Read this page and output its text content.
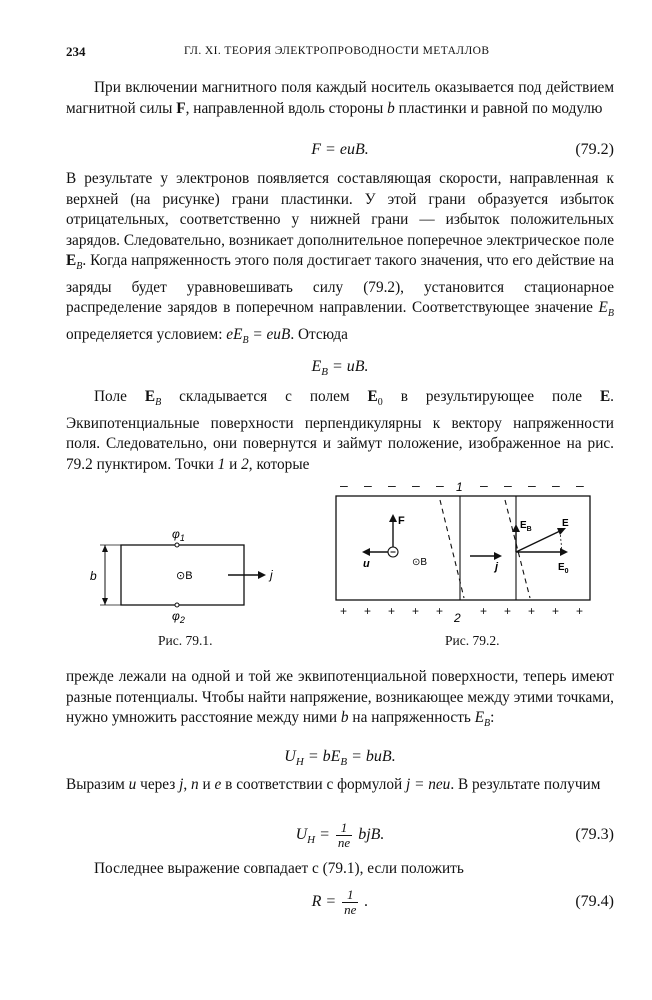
234	ГЛ. XI. ТЕОРИЯ ЭЛЕКТРОПРОВОДНОСТИ МЕТАЛЛОВ
При включении магнитного поля каждый носитель оказывается под действием магнитной силы F, направленной вдоль стороны b пластинки и равной по модулю
F = euB.	(79.2)
В результате у электронов появляется составляющая скорости, направленная к верхней (на рисунке) грани пластинки. У этой грани образуется избыток отрицательных, соответственно у нижней грани — избыток положительных зарядов. Следовательно, возникает дополнительное поперечное электрическое поле $E_B$. Когда напряженность этого поля достигает такого значения, что его действие на заряды будет уравновешивать силу (79.2), установится стационарное распределение зарядов в поперечном направлении. Соответствующее значение $E_B$ определяется условием: $eE_B$ = euB. Отсюда
$E_B$ = uB.
Поле $E_B$ складывается с полем $E_0$ в результирующее поле E. Эквипотенциальные поверхности перпендикулярны к вектору напряженности поля. Следовательно, они повернутся и займут положение, изображенное на рис. 79.2 пунктиром. Точки 1 и 2, которые
b
$\varphi_1$
$\varphi_2$
⊙B	j
Рис. 79.1.
– – – – –	– – – – –
1
F
u	⊙B	j
$E_B$
E
$E_0$
+ + + + +	+ + + + +
2
Рис. 79.2.
прежде лежали на одной и той же эквипотенциальной поверхности, теперь имеют разные потенциалы. Чтобы найти напряжение, возникающее между этими точками, нужно умножить расстояние между ними b на напряженность $E_B$:
$U_H = bE_B$ = buB.
Выразим u через j, n и e в соответствии с формулой j = neu. В результате получим
$U_H = \frac{1}{ne}$ bjB.	(79.3)
Последнее выражение совпадает с (79.1), если положить
$R = \frac{1}{ne}$ .	(79.4)
